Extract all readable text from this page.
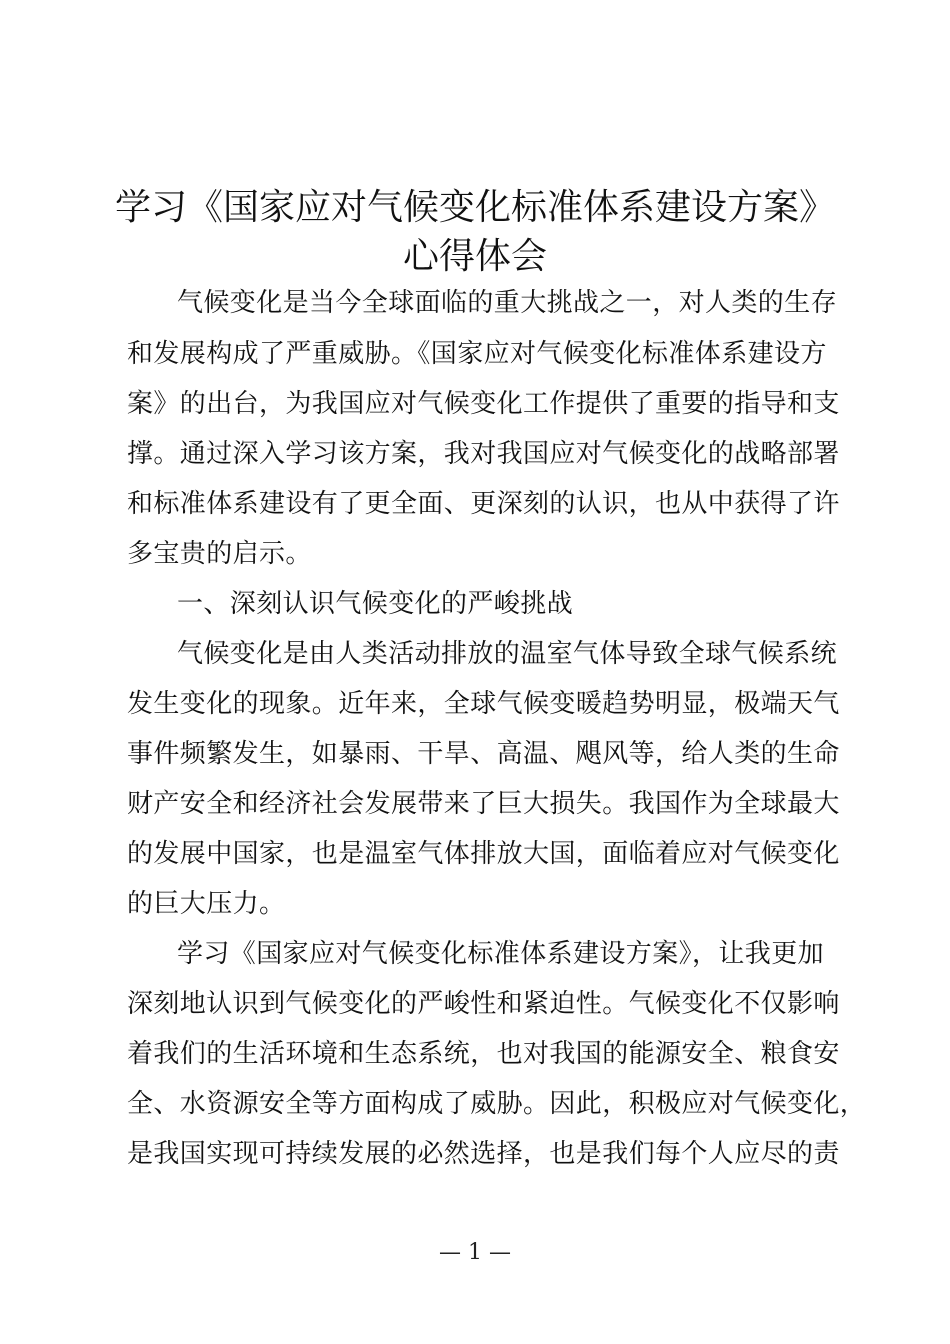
学习《国家应对气候变化标准体系建设方案》
心得体会
气候变化是当今全球面临的重大挑战之一，对人类的生存
和发展构成了严重威胁。《国家应对气候变化标准体系建设方
案》的出台，为我国应对气候变化工作提供了重要的指导和支
撑。通过深入学习该方案，我对我国应对气候变化的战略部署
和标准体系建设有了更全面、更深刻的认识，也从中获得了许
多宝贵的启示。
一、深刻认识气候变化的严峻挑战
气候变化是由人类活动排放的温室气体导致全球气候系统
发生变化的现象。近年来，全球气候变暖趋势明显，极端天气
事件频繁发生，如暴雨、干旱、高温、飓风等，给人类的生命
财产安全和经济社会发展带来了巨大损失。我国作为全球最大
的发展中国家，也是温室气体排放大国，面临着应对气候变化
的巨大压力。
学习《国家应对气候变化标准体系建设方案》，让我更加
深刻地认识到气候变化的严峻性和紧迫性。气候变化不仅影响
着我们的生活环境和生态系统，也对我国的能源安全、粮食安
全、水资源安全等方面构成了威胁。因此，积极应对气候变化，
是我国实现可持续发展的必然选择，也是我们每个人应尽的责
— 1 —
